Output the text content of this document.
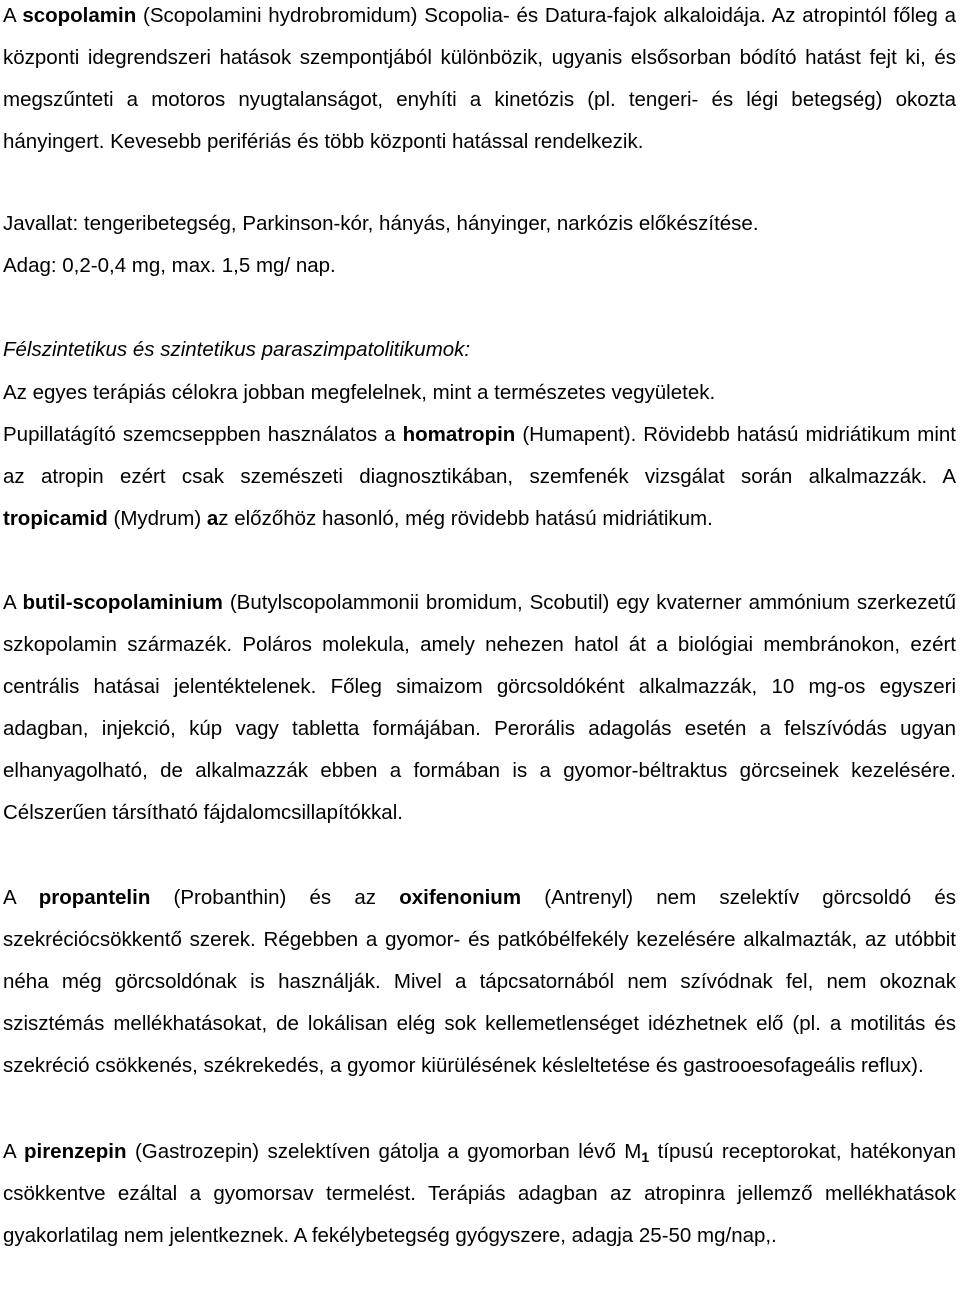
A scopolamin (Scopolamini hydrobromidum) Scopolia- és Datura-fajok alkaloidája. Az atropintól főleg a központi idegrendszeri hatások szempontjából különbözik, ugyanis elsősorban bódító hatást fejt ki, és megszűnteti a motoros nyugtalanságot, enyhíti a kinetózis (pl. tengeri- és légi betegség) okozta hányingert. Kevesebb perifériás és több központi hatással rendelkezik.

Javallat: tengeribetegség, Parkinson-kór, hányás, hányinger, narkózis előkészítése.

Adag: 0,2-0,4 mg, max. 1,5 mg/ nap.

Félszintetikus és szintetikus paraszimpatolitikumok:

Az egyes terápiás célokra jobban megfelelnek, mint a természetes vegyületek.

Pupillatágító szemcseppben használatos a homatropin (Humapent). Rövidebb hatású midriátikum mint az atropin ezért csak szemészeti diagnosztikában, szemfenék vizsgálat során alkalmazzák. A tropicamid (Mydrum) az előzőhöz hasonló, még rövidebb hatású midriátikum.

A butil-scopolaminium (Butylscopolammonii bromidum, Scobutil) egy kvaterner ammónium szerkezetű szkopolamin származék. Poláros molekula, amely nehezen hatol át a biológiai membránokon, ezért centrális hatásai jelentéktelenek. Főleg simaizom görcsoldóként alkalmazzák, 10 mg-os egyszeri adagban, injekció, kúp vagy tabletta formájában. Perorális adagolás esetén a felszívódás ugyan elhanyagolható, de alkalmazzák ebben a formában is a gyomor-béltraktus görcseinek kezelésére. Célszerűen társítható fájdalomcsillapítókkal.

A propantelin (Probanthin) és az oxifenonium (Antrenyl) nem szelektív görcsoldó és szekréciócsökkentő szerek. Régebben a gyomor- és patkóbélfekély kezelésére alkalmazták, az utóbbit néha még görcsoldónak is használják. Mivel a tápcsatornából nem szívódnak fel, nem okoznak szisztémás mellékhatásokat, de lokálisan elég sok kellemetlenséget idézhetnek elő (pl. a motilitás és szekréció csökkenés, székrekedés, a gyomor kiürülésének késleltetése és gastrooesofageális reflux).

A pirenzepin (Gastrozepin) szelektíven gátolja a gyomorban lévő $M_1$ típusú receptorokat, hatékonyan csökkentve ezáltal a gyomorsav termelést. Terápiás adagban az atropinra jellemző mellékhatások gyakorlatilag nem jelentkeznek. A fekélybetegség gyógyszere, adagja 25-50 mg/nap,.
